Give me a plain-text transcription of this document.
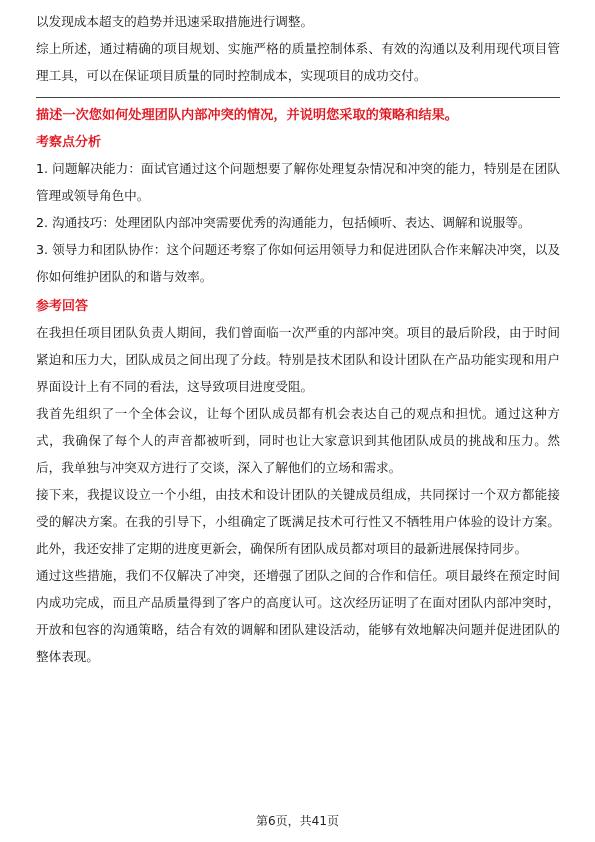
以发现成本超支的趋势并迅速采取措施进行调整。

综上所述，通过精确的项目规划、实施严格的质量控制体系、有效的沟通以及利用现代项目管理工具，可以在保证项目质量的同时控制成本，实现项目的成功交付。

描述一次您如何处理团队内部冲突的情况，并说明您采取的策略和结果。

考察点分析

1. 问题解决能力：面试官通过这个问题想要了解你处理复杂情况和冲突的能力，特别是在团队管理或领导角色中。

2. 沟通技巧：处理团队内部冲突需要优秀的沟通能力，包括倾听、表达、调解和说服等。

3. 领导力和团队协作：这个问题还考察了你如何运用领导力和促进团队合作来解决冲突，以及你如何维护团队的和谐与效率。

参考回答

在我担任项目团队负责人期间，我们曾面临一次严重的内部冲突。项目的最后阶段，由于时间紧迫和压力大，团队成员之间出现了分歧。特别是技术团队和设计团队在产品功能实现和用户界面设计上有不同的看法，这导致项目进度受阻。

我首先组织了一个全体会议，让每个团队成员都有机会表达自己的观点和担忧。通过这种方式，我确保了每个人的声音都被听到，同时也让大家意识到其他团队成员的挑战和压力。然后，我单独与冲突双方进行了交谈，深入了解他们的立场和需求。

接下来，我提议设立一个小组，由技术和设计团队的关键成员组成，共同探讨一个双方都能接受的解决方案。在我的引导下，小组确定了既满足技术可行性又不牺牲用户体验的设计方案。此外，我还安排了定期的进度更新会，确保所有团队成员都对项目的最新进展保持同步。

通过这些措施，我们不仅解决了冲突，还增强了团队之间的合作和信任。项目最终在预定时间内成功完成，而且产品质量得到了客户的高度认可。这次经历证明了在面对团队内部冲突时，开放和包容的沟通策略，结合有效的调解和团队建设活动，能够有效地解决问题并促进团队的整体表现。

第6页，共41页
